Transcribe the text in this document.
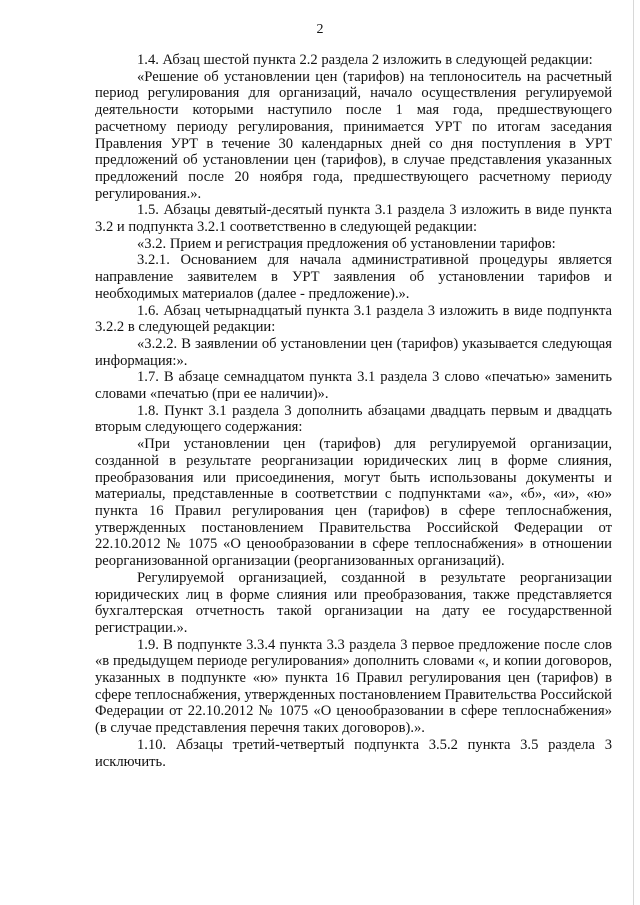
2

1.4. Абзац шестой пункта 2.2 раздела 2 изложить в следующей редакции:

«Решение об установлении цен (тарифов) на теплоноситель на расчетный период регулирования для организаций, начало осуществления регулируемой деятельности которыми наступило после 1 мая года, предшествующего расчетному периоду регулирования, принимается УРТ по итогам заседания Правления УРТ в течение 30 календарных дней со дня поступления в УРТ предложений об установлении цен (тарифов), в случае представления указанных предложений после 20 ноября года, предшествующего расчетному периоду регулирования.».

1.5. Абзацы девятый-десятый пункта 3.1 раздела 3 изложить в виде пункта 3.2 и подпункта 3.2.1 соответственно в следующей редакции:

«3.2. Прием и регистрация предложения об установлении тарифов:

3.2.1. Основанием для начала административной процедуры является направление заявителем в УРТ заявления об установлении тарифов и необходимых материалов (далее - предложение).».

1.6. Абзац четырнадцатый пункта 3.1 раздела 3 изложить в виде подпункта 3.2.2 в следующей редакции:

«3.2.2. В заявлении об установлении цен (тарифов) указывается следующая информация:».

1.7. В абзаце семнадцатом пункта 3.1 раздела 3 слово «печатью» заменить словами «печатью (при ее наличии)».

1.8. Пункт 3.1 раздела 3 дополнить абзацами двадцать первым и двадцать вторым следующего содержания:

«При установлении цен (тарифов) для регулируемой организации, созданной в результате реорганизации юридических лиц в форме слияния, преобразования или присоединения, могут быть использованы документы и материалы, представленные в соответствии с подпунктами «а», «б», «и», «ю» пункта 16 Правил регулирования цен (тарифов) в сфере теплоснабжения, утвержденных постановлением Правительства Российской Федерации от 22.10.2012 № 1075 «О ценообразовании в сфере теплоснабжения» в отношении реорганизованной организации (реорганизованных организаций).

Регулируемой организацией, созданной в результате реорганизации юридических лиц в форме слияния или преобразования, также представляется бухгалтерская отчетность такой организации на дату ее государственной регистрации.».

1.9. В подпункте 3.3.4 пункта 3.3 раздела 3 первое предложение после слов «в предыдущем периоде регулирования» дополнить словами «, и копии договоров, указанных в подпункте «ю» пункта 16 Правил регулирования цен (тарифов) в сфере теплоснабжения, утвержденных постановлением Правительства Российской Федерации от 22.10.2012 № 1075 «О ценообразовании в сфере теплоснабжения» (в случае представления перечня таких договоров).».

1.10. Абзацы третий-четвертый подпункта 3.5.2 пункта 3.5 раздела 3 исключить.
